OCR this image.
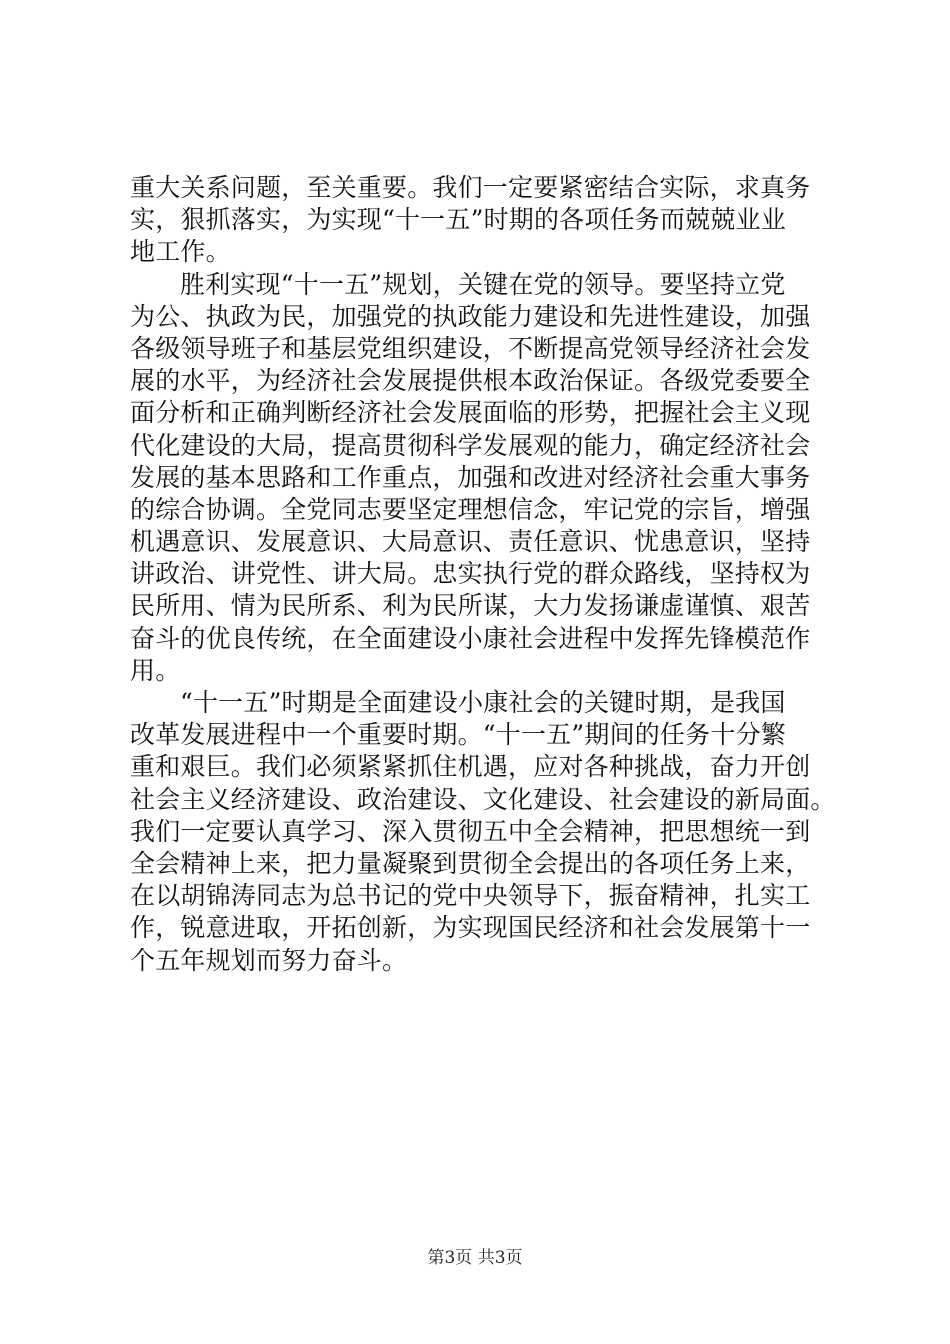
重大关系问题，至关重要。我们一定要紧密结合实际，求真务
实，狠抓落实，为实现“十一五”时期的各项任务而兢兢业业
地工作。
胜利实现“十一五”规划，关键在党的领导。要坚持立党
为公、执政为民，加强党的执政能力建设和先进性建设，加强
各级领导班子和基层党组织建设，不断提高党领导经济社会发
展的水平，为经济社会发展提供根本政治保证。各级党委要全
面分析和正确判断经济社会发展面临的形势，把握社会主义现
代化建设的大局，提高贯彻科学发展观的能力，确定经济社会
发展的基本思路和工作重点，加强和改进对经济社会重大事务
的综合协调。全党同志要坚定理想信念，牢记党的宗旨，增强
机遇意识、发展意识、大局意识、责任意识、忧患意识，坚持
讲政治、讲党性、讲大局。忠实执行党的群众路线，坚持权为
民所用、情为民所系、利为民所谋，大力发扬谦虚谨慎、艰苦
奋斗的优良传统，在全面建设小康社会进程中发挥先锋模范作
用。
“十一五”时期是全面建设小康社会的关键时期，是我国
改革发展进程中一个重要时期。“十一五”期间的任务十分繁
重和艰巨。我们必须紧紧抓住机遇，应对各种挑战，奋力开创
社会主义经济建设、政治建设、文化建设、社会建设的新局面。
我们一定要认真学习、深入贯彻五中全会精神，把思想统一到
全会精神上来，把力量凝聚到贯彻全会提出的各项任务上来，
在以胡锦涛同志为总书记的党中央领导下，振奋精神，扎实工
作，锐意进取，开拓创新，为实现国民经济和社会发展第十一
个五年规划而努力奋斗。
第3页 共3页
